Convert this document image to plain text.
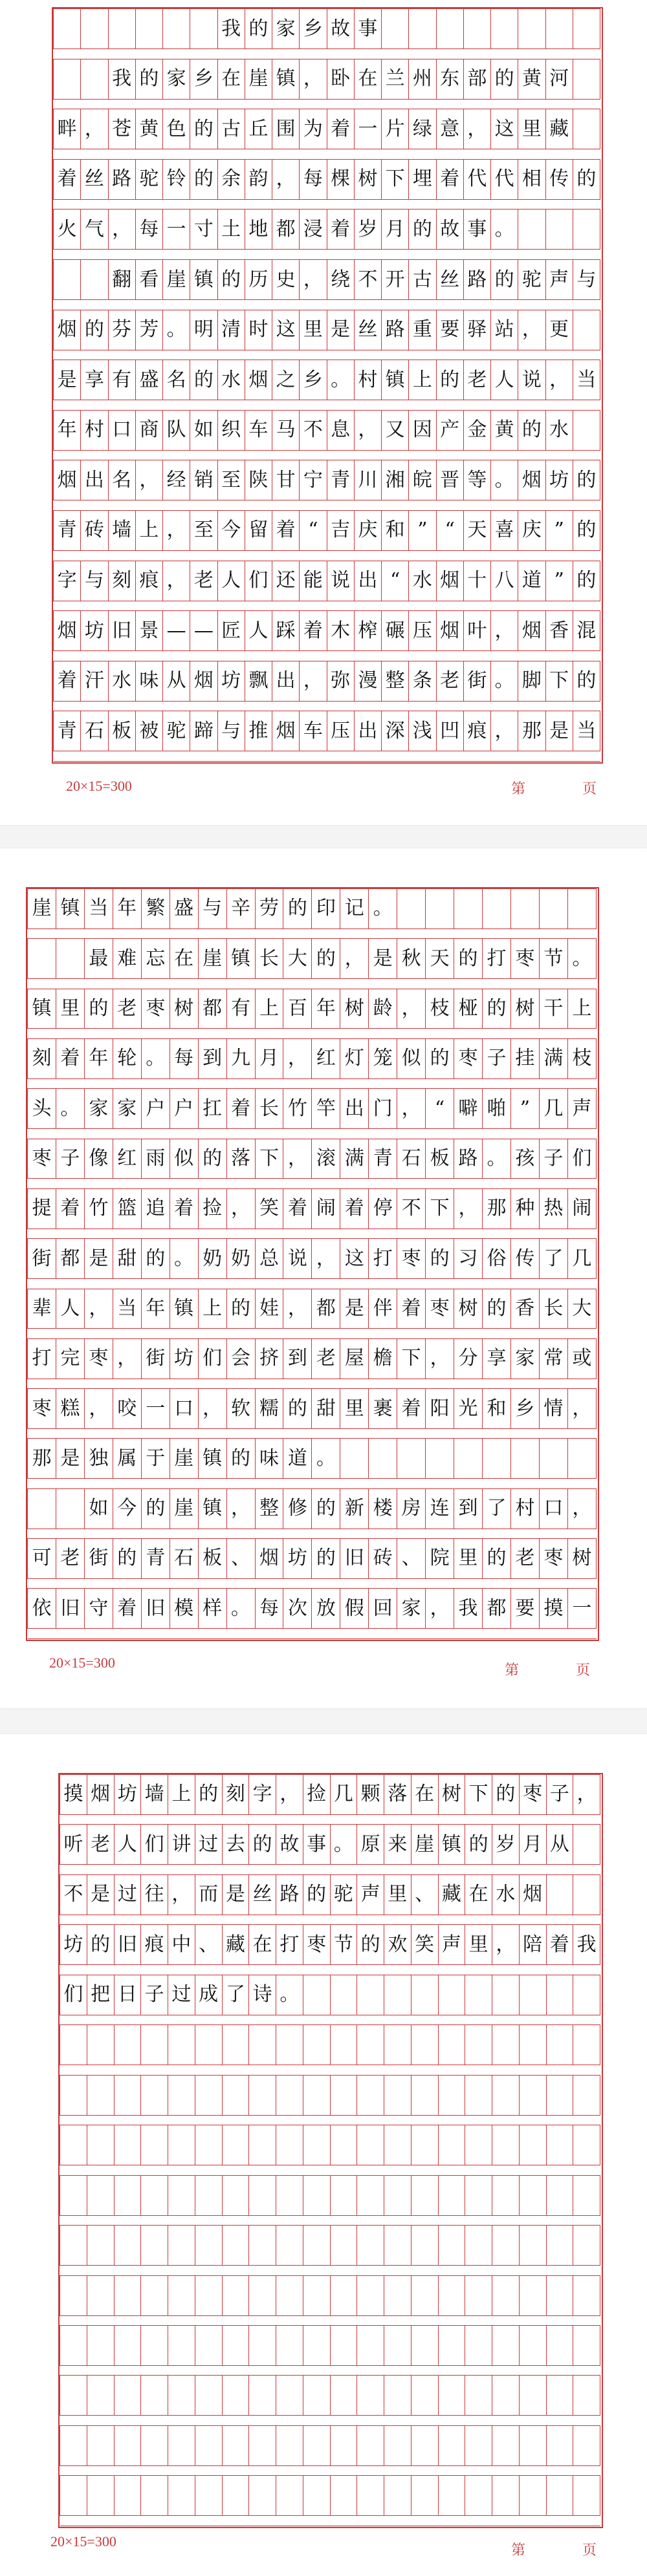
　	　	　	　	　	　	我	的	家	乡	故	事								

　	　	我	的	家	乡	在	崖	镇	，	卧	在	兰	州	东	部	的	黄	河	

畔	，	苍	黄	色	的	古	丘	围	为	着	一	片	绿	意	，	这	里	藏	

着	丝	路	驼	铃	的	余	韵	，	每	棵	树	下	埋	着	代	代	相	传	的

火	气	，	每	一	寸	土	地	都	浸	着	岁	月	的	故	事	。			

　	　	翻	看	崖	镇	的	历	史	，	绕	不	开	古	丝	路	的	驼	声	与

烟	的	芬	芳	。	明	清	时	这	里	是	丝	路	重	要	驿	站	，	更	

是	享	有	盛	名	的	水	烟	之	乡	。	村	镇	上	的	老	人	说	，	当

年	村	口	商	队	如	织	车	马	不	息	，	又	因	产	金	黄	的	水	

烟	出	名	，	经	销	至	陕	甘	宁	青	川	湘	皖	晋	等	。	烟	坊	的

青	砖	墙	上	，	至	今	留	着	“	吉	庆	和	”	“	天	喜	庆	”	的

字	与	刻	痕	，	老	人	们	还	能	说	出	“	水	烟	十	八	道	”	的

烟	坊	旧	景	—	—	匠	人	踩	着	木	榨	碾	压	烟	叶	，	烟	香	混

着	汗	水	味	从	烟	坊	飘	出	，	弥	漫	整	条	老	街	。	脚	下	的

青	石	板	被	驼	蹄	与	推	烟	车	压	出	深	浅	凹	痕	，	那	是	当

20×15=300	第	页
崖	镇	当	年	繁	盛	与	辛	劳	的	印	记	。							

　	　	最	难	忘	在	崖	镇	长	大	的	，	是	秋	天	的	打	枣	节	。

镇	里	的	老	枣	树	都	有	上	百	年	树	龄	，	枝	桠	的	树	干	上

刻	着	年	轮	。	每	到	九	月	，	红	灯	笼	似	的	枣	子	挂	满	枝

头	。	家	家	户	户	扛	着	长	竹	竿	出	门	，	“	噼	啪	”	几	声

枣	子	像	红	雨	似	的	落	下	，	滚	满	青	石	板	路	。	孩	子	们

提	着	竹	篮	追	着	捡	，	笑	着	闹	着	停	不	下	，	那	种	热	闹

街	都	是	甜	的	。	奶	奶	总	说	，	这	打	枣	的	习	俗	传	了	几

辈	人	，	当	年	镇	上	的	娃	，	都	是	伴	着	枣	树	的	香	长	大

打	完	枣	，	街	坊	们	会	挤	到	老	屋	檐	下	，	分	享	家	常	或

枣	糕	，	咬	一	口	，	软	糯	的	甜	里	裹	着	阳	光	和	乡	情	，

那	是	独	属	于	崖	镇	的	味	道	。									

　	　	如	今	的	崖	镇	，	整	修	的	新	楼	房	连	到	了	村	口	，

可	老	街	的	青	石	板	、	烟	坊	的	旧	砖	、	院	里	的	老	枣	树

依	旧	守	着	旧	模	样	。	每	次	放	假	回	家	，	我	都	要	摸	一

20×15=300	第	页
摸	烟	坊	墙	上	的	刻	字	，	捡	几	颗	落	在	树	下	的	枣	子	，

听	老	人	们	讲	过	去	的	故	事	。	原	来	崖	镇	的	岁	月	从	

不	是	过	往	，	而	是	丝	路	的	驼	声	里	、	藏	在	水	烟		

坊	的	旧	痕	中	、	藏	在	打	枣	节	的	欢	笑	声	里	，	陪	着	我

们	把	日	子	过	成	了	诗	。											

20×15=300
第	页
